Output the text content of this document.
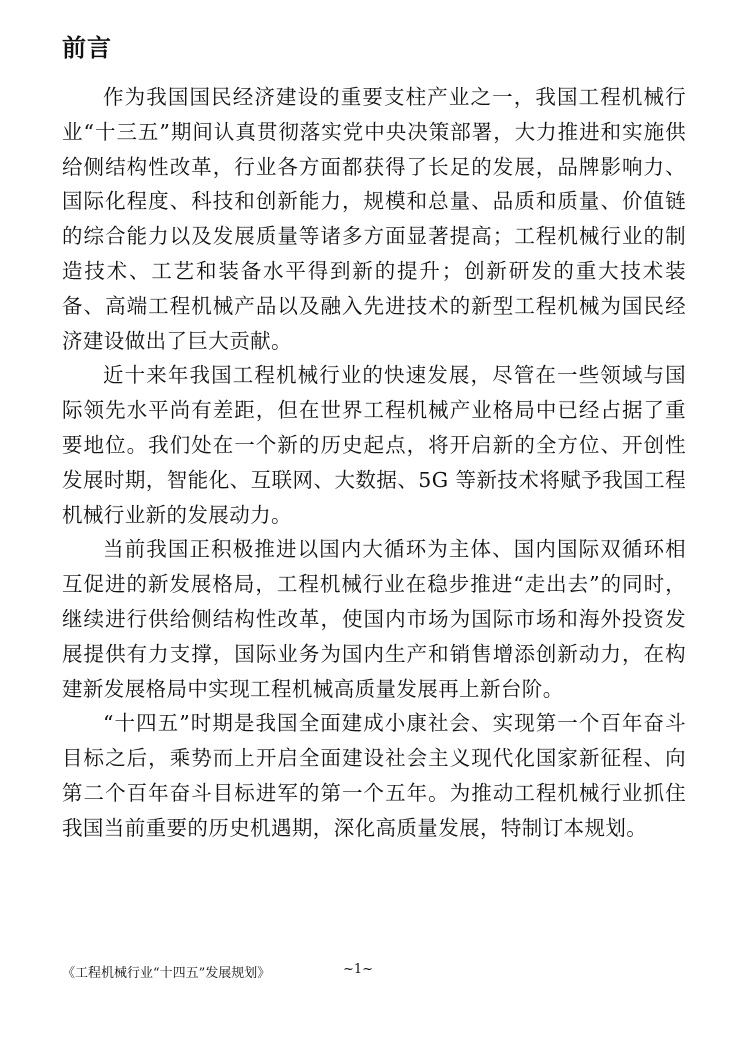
前言

作为我国国民经济建设的重要支柱产业之一，我国工程机械行业“十三五”期间认真贯彻落实党中央决策部署，大力推进和实施供给侧结构性改革，行业各方面都获得了长足的发展，品牌影响力、国际化程度、科技和创新能力，规模和总量、品质和质量、价值链的综合能力以及发展质量等诸多方面显著提高；工程机械行业的制造技术、工艺和装备水平得到新的提升；创新研发的重大技术装备、高端工程机械产品以及融入先进技术的新型工程机械为国民经济建设做出了巨大贡献。

近十来年我国工程机械行业的快速发展，尽管在一些领域与国际领先水平尚有差距，但在世界工程机械产业格局中已经占据了重要地位。我们处在一个新的历史起点，将开启新的全方位、开创性发展时期，智能化、互联网、大数据、5G 等新技术将赋予我国工程机械行业新的发展动力。

当前我国正积极推进以国内大循环为主体、国内国际双循环相互促进的新发展格局，工程机械行业在稳步推进“走出去”的同时，继续进行供给侧结构性改革，使国内市场为国际市场和海外投资发展提供有力支撑，国际业务为国内生产和销售增添创新动力，在构建新发展格局中实现工程机械高质量发展再上新台阶。

“十四五”时期是我国全面建成小康社会、实现第一个百年奋斗目标之后，乘势而上开启全面建设社会主义现代化国家新征程、向第二个百年奋斗目标进军的第一个五年。为推动工程机械行业抓住我国当前重要的历史机遇期，深化高质量发展，特制订本规划。

《工程机械行业“十四五”发展规划》	~1~
